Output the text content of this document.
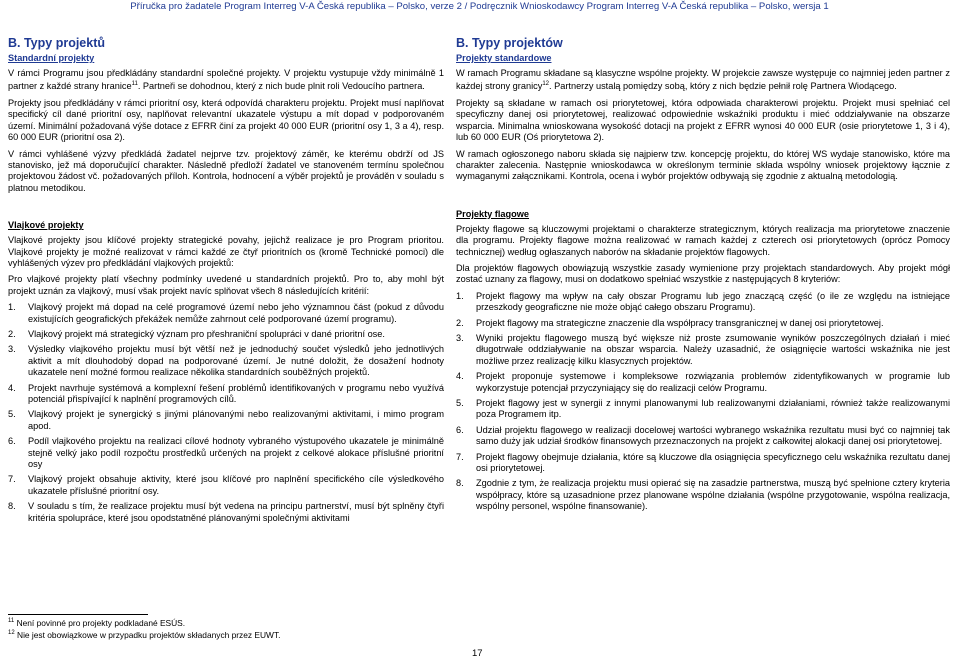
Příručka pro žadatele Program Interreg V-A Česká republika – Polsko, verze 2 / Podręcznik Wnioskodawcy Program Interreg V-A Česká republika – Polsko, wersja 1
B. Typy projektů
Standardní projekty

V rámci Programu jsou předkládány standardní společné projekty. V projektu vystupuje vždy minimálně 1 partner z každé strany hranice$^{11}$. Partneři se dohodnou, který z nich bude plnit roli Vedoucího partnera.

Projekty jsou předkládány v rámci prioritní osy, která odpovídá charakteru projektu. Projekt musí naplňovat specifický cíl dané prioritní osy, naplňovat relevantní ukazatele výstupu a mít dopad v podporovaném území. Minimální požadovaná výše dotace z EFRR činí za projekt 40 000 EUR (prioritní osy 1, 3 a 4), resp. 60 000 EUR (prioritní osa 2).

V rámci vyhlášené výzvy předkládá žadatel nejprve tzv. projektový záměr, ke kterému obdrží od JS stanovisko, jež má doporučující charakter. Následně předloží žadatel ve stanoveném termínu společnou projektovou žádost vč. požadovaných příloh. Kontrola, hodnocení a výběr projektů je prováděn v souladu s platnou metodikou.

Vlajkové projekty

Vlajkové projekty jsou klíčové projekty strategické povahy, jejichž realizace je pro Program prioritou. Vlajkové projekty je možné realizovat v rámci každé ze čtyř prioritních os (kromě Technické pomoci) dle vyhlášených výzev pro předkládání vlajkových projektů:

Pro vlajkové projekty platí všechny podmínky uvedené u standardních projektů. Pro to, aby mohl být projekt uznán za vlajkový, musí však projekt navíc splňovat všech 8 následujících kritérií:

1.	Vlajkový projekt má dopad na celé programové území nebo jeho významnou část (pokud z důvodu existujících geografických překážek nemůže zahrnout celé podporované území programu).
2.	Vlajkový projekt má strategický význam pro přeshraniční spolupráci v dané prioritní ose.
3.	Výsledky vlajkového projektu musí být větší než je jednoduchý součet výsledků jeho jednotlivých aktivit a mít dlouhodobý dopad na podporované území. Je nutné doložit, že dosažení hodnoty ukazatele není možné formou realizace několika standardních souběžných projektů.
4.	Projekt navrhuje systémová a komplexní řešení problémů identifikovaných v programu nebo využívá potenciál přispívající k naplnění programových cílů.
5.	Vlajkový projekt je synergický s jinými plánovanými nebo realizovanými aktivitami, i mimo program apod.
6.	Podíl vlajkového projektu na realizaci cílové hodnoty vybraného výstupového ukazatele je minimálně stejně velký jako podíl rozpočtu prostředků určených na projekt z celkové alokace příslušné prioritní osy
7.	Vlajkový projekt obsahuje aktivity, které jsou klíčové pro naplnění specifického cíle výsledkového ukazatele příslušné prioritní osy.
8.	V souladu s tím, že realizace projektu musí být vedena na principu partnerství, musí být splněny čtyři kritéria spolupráce, které jsou opodstatněné plánovanými společnými aktivitami
B. Typy projektów
Projekty standardowe

W ramach Programu składane są klasyczne wspólne projekty. W projekcie zawsze występuje co najmniej jeden partner z każdej strony granicy$^{12}$. Partnerzy ustalą pomiędzy sobą, który z nich będzie pełnił rolę Partnera Wiodącego.

Projekty są składane w ramach osi priorytetowej, która odpowiada charakterowi projektu. Projekt musi spełniać cel specyficzny danej osi priorytetowej, realizować odpowiednie wskaźniki produktu i mieć oddziaływanie na obszarze wsparcia. Minimalna wnioskowana wysokość dotacji na projekt z EFRR wynosi 40 000 EUR (osie priorytetowe 1, 3 i 4), lub 60 000 EUR (Oś priorytetowa 2).

W ramach ogłoszonego naboru składa się najpierw tzw. koncepcję projektu, do której WS wydaje stanowisko, które ma charakter zalecenia. Następnie wnioskodawca w określonym terminie składa wspólny wniosek projektowy łącznie z wymaganymi załącznikami. Kontrola, ocena i wybór projektów odbywają się zgodnie z aktualną metodologią.

Projekty flagowe

Projekty flagowe są kluczowymi projektami o charakterze strategicznym, których realizacja ma priorytetowe znaczenie dla programu. Projekty flagowe można realizować w ramach każdej z czterech osi priorytetowych (oprócz Pomocy technicznej) według ogłaszanych naborów na składanie projektów flagowych.

Dla projektów flagowych obowiązują wszystkie zasady wymienione przy projektach standardowych. Aby projekt mógł zostać uznany za flagowy, musi on dodatkowo spełniać wszystkie z następujących 8 kryteriów:

1.	Projekt flagowy ma wpływ na cały obszar Programu lub jego znaczącą część (o ile ze względu na istniejące przeszkody geograficzne nie może objąć całego obszaru Programu).
2.	Projekt flagowy ma strategiczne znaczenie dla współpracy transgranicznej w danej osi priorytetowej.
3.	Wyniki projektu flagowego muszą być większe niż proste zsumowanie wyników poszczególnych działań i mieć długotrwałe oddziaływanie na obszar wsparcia. Należy uzasadnić, że osiągnięcie wartości wskaźnika nie jest możliwe przez realizację kilku klasycznych projektów.
4.	Projekt proponuje systemowe i kompleksowe rozwiązania problemów zidentyfikowanych w programie lub wykorzystuje potencjał przyczyniający się do realizacji celów Programu.
5.	Projekt flagowy jest w synergii z innymi planowanymi lub realizowanymi działaniami, również także realizowanymi poza Programem itp.
6.	Udział projektu flagowego w realizacji docelowej wartości wybranego wskaźnika rezultatu musi być co najmniej tak samo duży jak udział środków finansowych przeznaczonych na projekt z całkowitej alokacji danej osi priorytetowej.
7.	Projekt flagowy obejmuje działania, które są kluczowe dla osiągnięcia specyficznego celu wskaźnika rezultatu danej osi priorytetowej.
8.	Zgodnie z tym, że realizacja projektu musi opierać się na zasadzie partnerstwa, muszą być spełnione cztery kryteria współpracy, które są uzasadnione przez planowane wspólne działania (wspólne przygotowanie, wspólna realizacja, wspólny personel, wspólne finansowanie).
$^{11}$ Není povinné pro projekty podkladané ESÚS.
$^{12}$ Nie jest obowiązkowe w przypadku projektów składanych przez EUWT.
17
